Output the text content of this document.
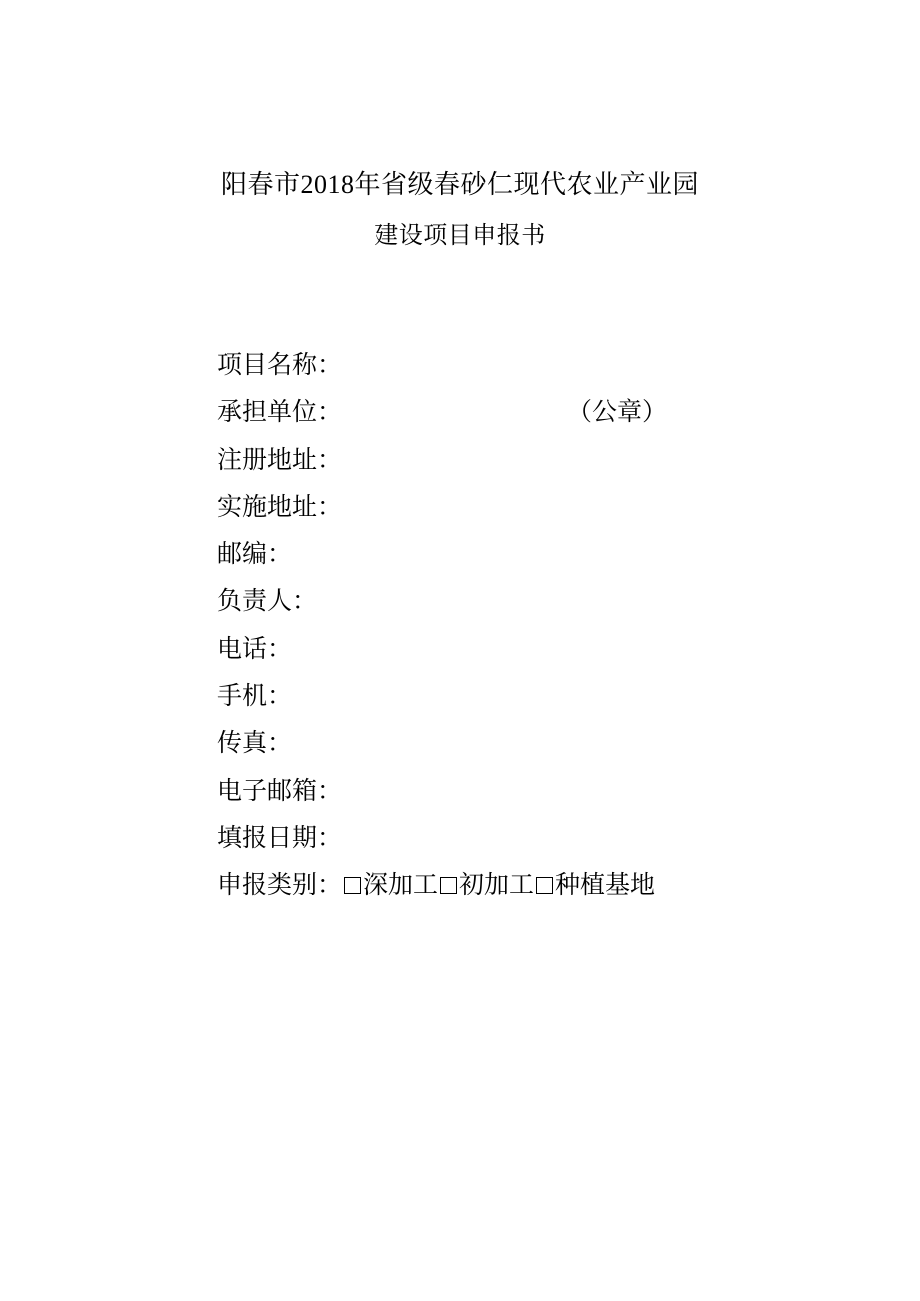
阳春市2018年省级春砂仁现代农业产业园
建设项目申报书
项目名称：
承担单位：	（公章）
注册地址：
实施地址：
邮编：
负责人：
电话：
手机：
传真：
电子邮箱：
填报日期：
申报类别： 深加工 初加工 种植基地
